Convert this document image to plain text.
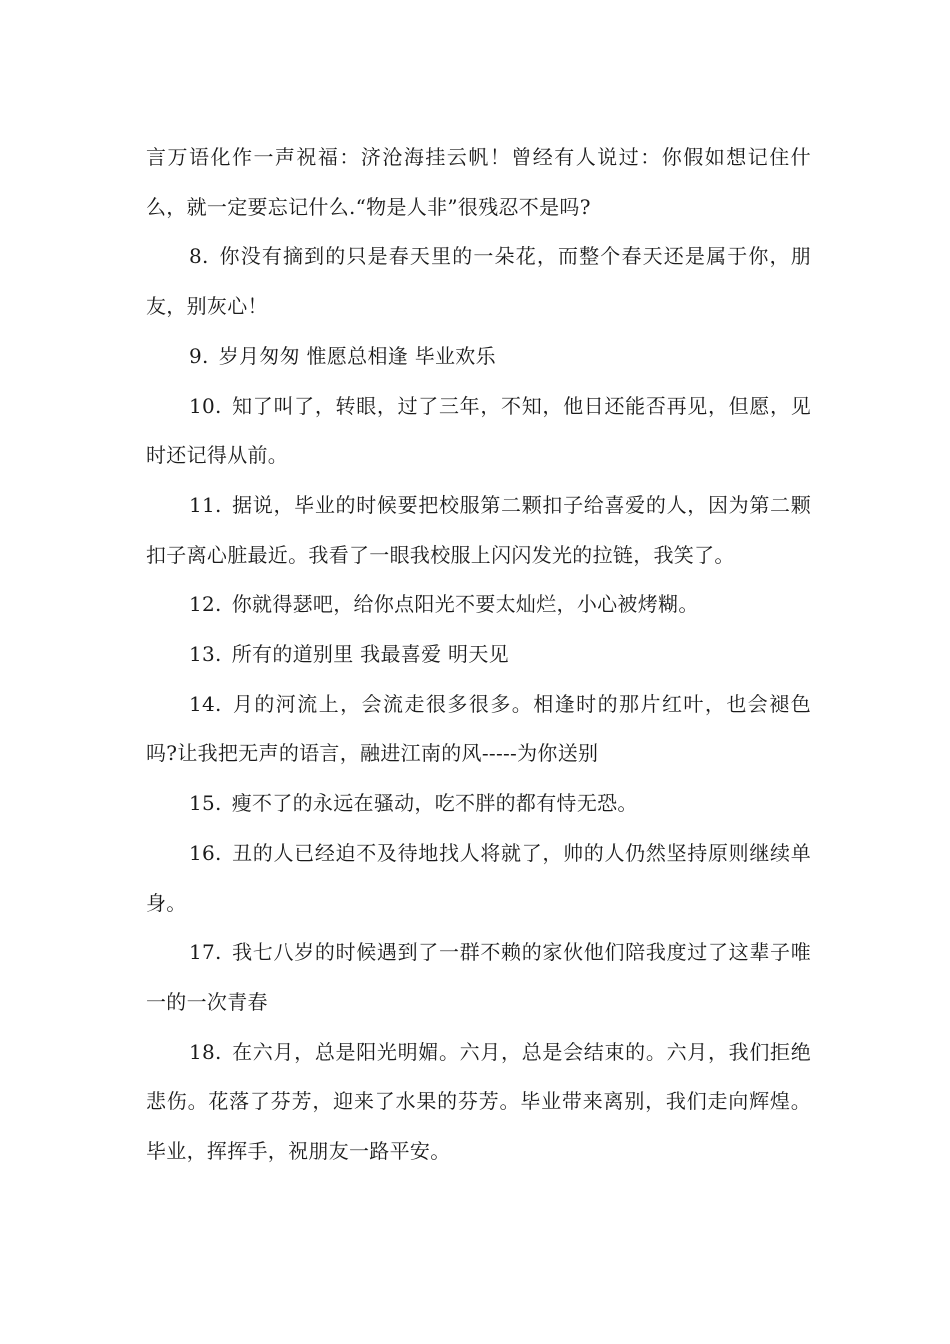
言万语化作一声祝福：济沧海挂云帆！曾经有人说过：你假如想记住什么，就一定要忘记什么.“物是人非”很残忍不是吗?

8. 你没有摘到的只是春天里的一朵花，而整个春天还是属于你，朋友，别灰心！

9. 岁月匆匆 惟愿总相逢 毕业欢乐

10. 知了叫了，转眼，过了三年，不知，他日还能否再见，但愿，见时还记得从前。

11. 据说，毕业的时候要把校服第二颗扣子给喜爱的人，因为第二颗扣子离心脏最近。我看了一眼我校服上闪闪发光的拉链，我笑了。

12. 你就得瑟吧，给你点阳光不要太灿烂，小心被烤糊。

13. 所有的道别里 我最喜爱 明天见

14. 月的河流上，会流走很多很多。相逢时的那片红叶，也会褪色吗?让我把无声的语言，融进江南的风-----为你送别

15. 瘦不了的永远在骚动，吃不胖的都有恃无恐。

16. 丑的人已经迫不及待地找人将就了，帅的人仍然坚持原则继续单身。

17. 我七八岁的时候遇到了一群不赖的家伙他们陪我度过了这辈子唯一的一次青春

18. 在六月，总是阳光明媚。六月，总是会结束的。六月，我们拒绝悲伤。花落了芬芳，迎来了水果的芬芳。毕业带来离别，我们走向辉煌。毕业，挥挥手，祝朋友一路平安。
